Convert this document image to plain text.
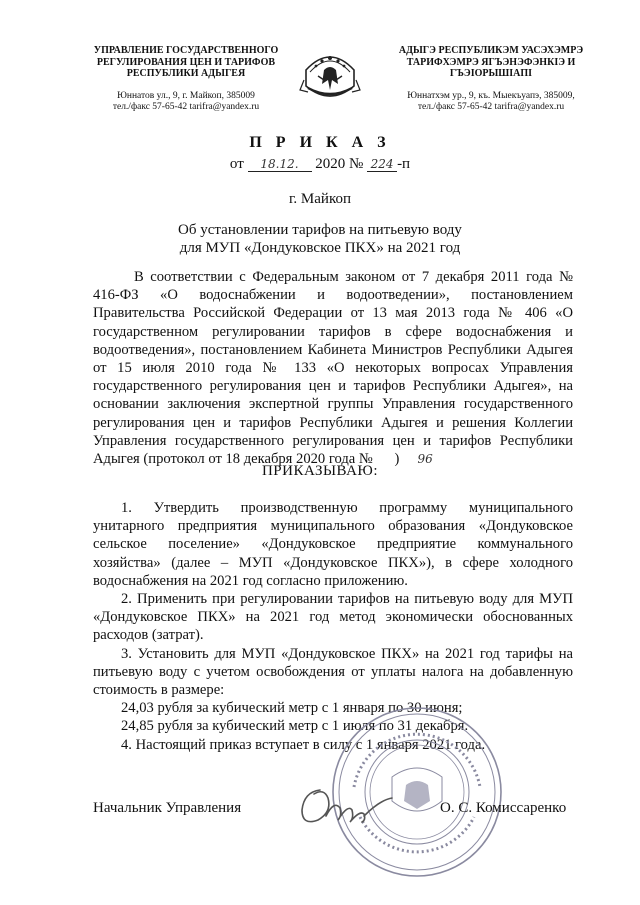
УПРАВЛЕНИЕ ГОСУДАРСТВЕННОГО
РЕГУЛИРОВАНИЯ ЦЕН И ТАРИФОВ
РЕСПУБЛИКИ АДЫГЕЯ
Юннатов ул., 9, г. Майкоп, 385009
тел./факс 57-65-42 tarifra@yandex.ru
АДЫГЭ РЕСПУБЛИКЭМ УАСЭХЭМРЭ
ТАРИФХЭМРЭ ЯГЪЭНЭФЭНКIЭ И
ГЪЭIОРЫШIAПI
Юннатхэм ур., 9, къ. Мыекъуапэ, 385009,
тел./факс 57-65-42 tarifra@yandex.ru
П Р И К А З
от 18.12. 2020 № 224 -п
г. Майкоп
Об установлении тарифов на питьевую воду
для МУП «Дондуковское ПКХ» на 2021 год
В соответствии с Федеральным законом от 7 декабря 2011 года № 416-ФЗ «О водоснабжении и водоотведении», постановлением Правительства Российской Федерации от 13 мая 2013 года № 406 «О государственном регулировании тарифов в сфере водоснабжения и водоотведения», постановлением Кабинета Министров Республики Адыгея от 15 июля 2010 года № 133 «О некоторых вопросах Управления государственного регулирования цен и тарифов Республики Адыгея», на основании заключения экспертной группы Управления государственного регулирования цен и тарифов Республики Адыгея и решения Коллегии Управления государственного регулирования цен и тарифов Республики Адыгея (протокол от 18 декабря 2020 года №	96)
ПРИКАЗЫВАЮ:

1. Утвердить производственную программу муниципального унитарного предприятия муниципального образования «Дондуковское сельское поселение» «Дондуковское предприятие коммунального хозяйства» (далее – МУП «Дондуковское ПКХ»), в сфере холодного водоснабжения на 2021 год согласно приложению.

2. Применить при регулировании тарифов на питьевую воду для МУП «Дондуковское ПКХ» на 2021 год метод экономически обоснованных расходов (затрат).

3. Установить для МУП «Дондуковское ПКХ» на 2021 год тарифы на питьевую воду с учетом освобождения от уплаты налога на добавленную стоимость в размере:

24,03 рубля за кубический метр с 1 января по 30 июня;

24,85 рубля за кубический метр с 1 июля по 31 декабря.

4. Настоящий приказ вступает в силу с 1 января 2021 года.

Начальник Управления	О. С. Комиссаренко
